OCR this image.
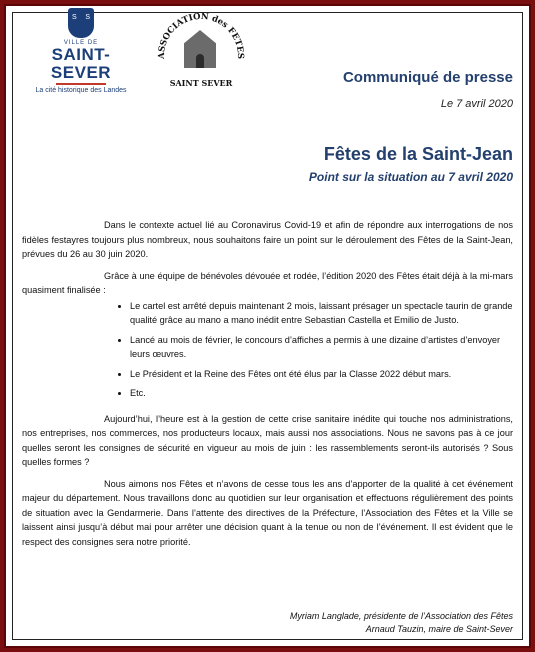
S S
VILLE DE
SAINT-SEVER
La cité historique des Landes
ASSOCIATION des FETES
SAINT SEVER	Communiqué de presse
Le 7 avril 2020
Fêtes de la Saint-Jean
Point sur la situation au 7 avril 2020

Dans le contexte actuel lié au Coronavirus Covid-19 et afin de répondre aux interrogations de nos fidèles festayres toujours plus nombreux, nous souhaitons faire un point sur le déroulement des Fêtes de la Saint-Jean, prévues du 26 au 30 juin 2020.

Grâce à une équipe de bénévoles dévouée et rodée, l’édition 2020 des Fêtes était déjà à la mi-mars quasiment finalisée :

• Le cartel est arrêté depuis maintenant 2 mois, laissant présager un spectacle taurin de grande qualité grâce au mano a mano inédit entre Sebastian Castella et Emilio de Justo.
• Lancé au mois de février, le concours d’affiches a permis à une dizaine d’artistes d’envoyer leurs œuvres.
• Le Président et la Reine des Fêtes ont été élus par la Classe 2022 début mars.
• Etc.

Aujourd’hui, l’heure est à la gestion de cette crise sanitaire inédite qui touche nos administrations, nos entreprises, nos commerces, nos producteurs locaux, mais aussi nos associations. Nous ne savons pas à ce jour quelles seront les consignes de sécurité en vigueur au mois de juin : les rassemblements seront-ils autorisés ? Sous quelles formes ?

Nous aimons nos Fêtes et n’avons de cesse tous les ans d’apporter de la qualité à cet événement majeur du département. Nous travaillons donc au quotidien sur leur organisation et effectuons régulièrement des points de situation avec la Gendarmerie. Dans l’attente des directives de la Préfecture, l’Association des Fêtes et la Ville se laissent ainsi jusqu’à début mai pour arrêter une décision quant à la tenue ou non de l’événement. Il est évident que le respect des consignes sera notre priorité.

Myriam Langlade, présidente de l’Association des Fêtes
Arnaud Tauzin, maire de Saint-Sever
